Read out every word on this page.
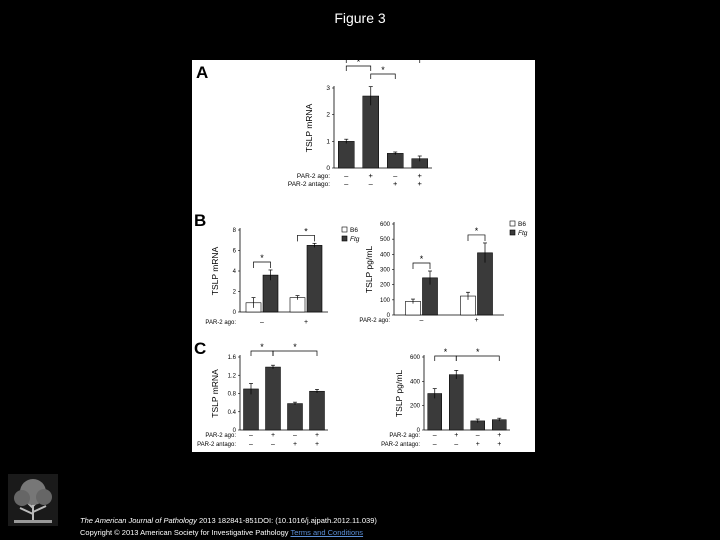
Figure 3
A
B
C
0
1
2
3
TSLP mRNA
PAR-2 ago: –	+	–	+
PAR-2 antago: –	–	+	+
*
*
*
0
2
4
6
8
TSLP mRNA	*
–
*
+
PAR-2 ago:
B6
Ftg
0
100
200
300
400
500
600
TSLP pg/mL	*
–
*
+
PAR-2 ago:
B6
Ftg
0
0.4
0.8
1.2
1.6
TSLP mRNA
PAR-2 ago: –	+	–	+
PAR-2 antago: –	–	+	+
*	*
0
200
400
600
TSLP pg/mL
PAR-2 ago: –	+	–	+
PAR-2 antago: –	–	+ +
*	*
ELSEVIER
The American Journal of Pathology 2013 182841-851DOI: (10.1016/j.ajpath.2012.11.039)
Copyright © 2013 American Society for Investigative Pathology Terms and Conditions
